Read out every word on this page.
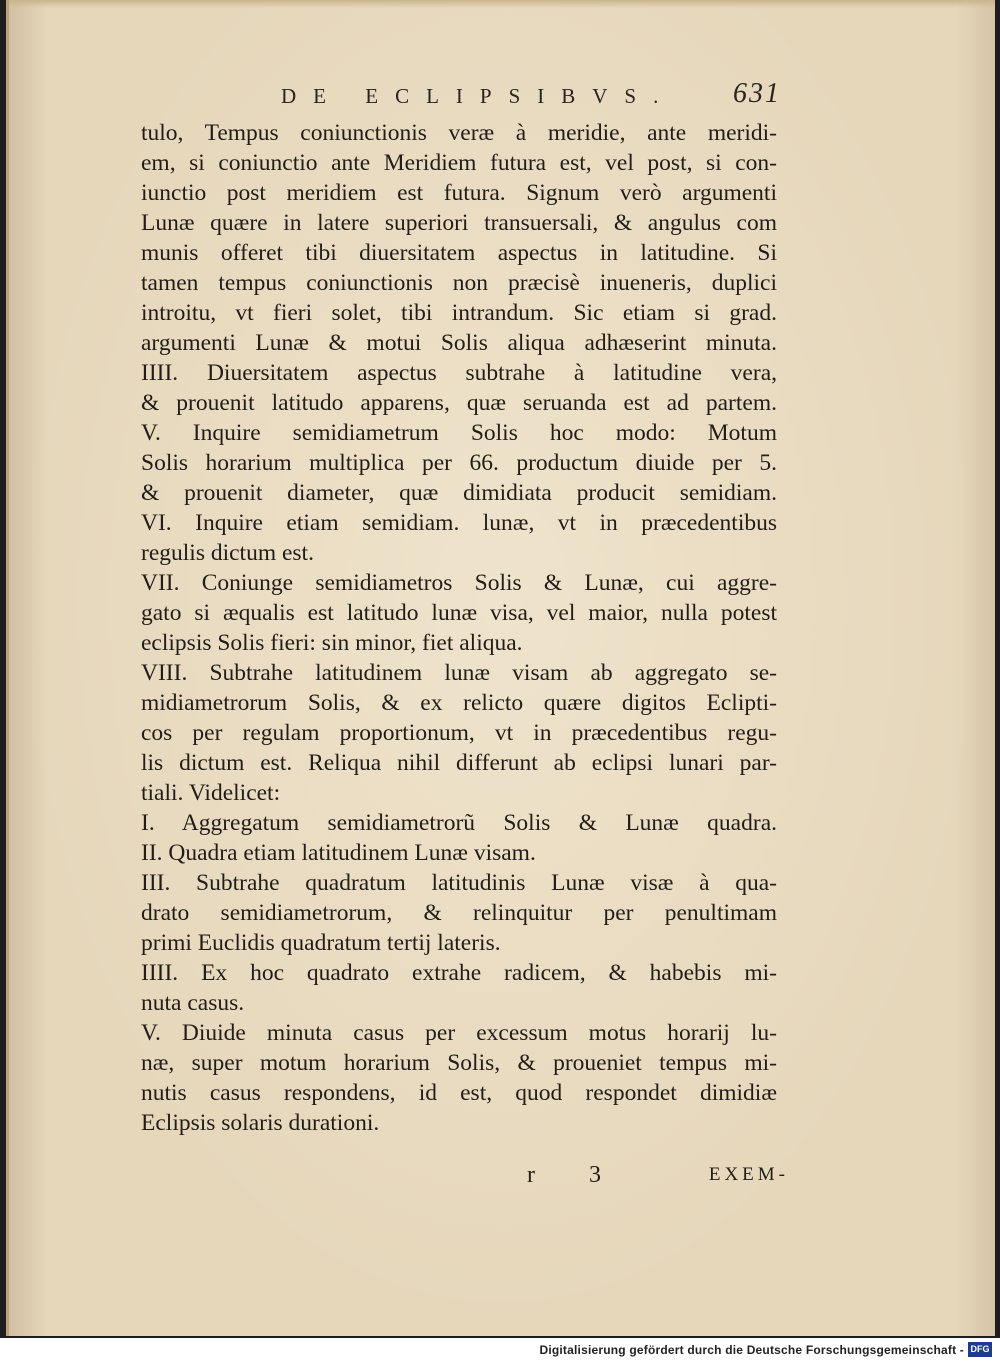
DE ECLIPSIBVS. 631
tulo, Tempus coniunctionis veræ à meridie, ante meridi-
em, si coniunctio ante Meridiem futura est, vel post, si con-
iunctio post meridiem est futura. Signum verò argumenti
Lunæ quære in latere superiori transuersali, & angulus com
munis offeret tibi diuersitatem aspectus in latitudine. Si
tamen tempus coniunctionis non præcisè inueneris, duplici
introitu, vt fieri solet, tibi intrandum. Sic etiam si grad.
argumenti Lunæ & motui Solis aliqua adhæserint minuta.
IIII. Diuersitatem aspectus subtrahe à latitudine vera,
& prouenit latitudo apparens, quæ seruanda est ad partem.
V. Inquire semidiametrum Solis hoc modo: Motum
Solis horarium multiplica per 66. productum diuide per 5.
& prouenit diameter, quæ dimidiata producit semidiam.
VI. Inquire etiam semidiam. lunæ, vt in præcedentibus
regulis dictum est.
VII. Coniunge semidiametros Solis & Lunæ, cui aggre-
gato si æqualis est latitudo lunæ visa, vel maior, nulla potest
eclipsis Solis fieri: sin minor, fiet aliqua.
VIII. Subtrahe latitudinem lunæ visam ab aggregato se-
midiametrorum Solis, & ex relicto quære digitos Eclipti-
cos per regulam proportionum, vt in præcedentibus regu-
lis dictum est. Reliqua nihil differunt ab eclipsi lunari par-
tiali. Videlicet:
I. Aggregatum semidiametrorũ Solis & Lunæ quadra.
II. Quadra etiam latitudinem Lunæ visam.
III. Subtrahe quadratum latitudinis Lunæ visæ à qua-
drato semidiametrorum, & relinquitur per penultimam
primi Euclidis quadratum tertij lateris.
IIII. Ex hoc quadrato extrahe radicem, & habebis mi-
nuta casus.
V. Diuide minuta casus per excessum motus horarij lu-
næ, super motum horarium Solis, & proueniet tempus mi-
nutis casus respondens, id est, quod respondet dimidiæ
Eclipsis solaris durationi.
r 3	EXEM-
Digitalisierung gefördert durch die Deutsche Forschungsgemeinschaft - DFG
